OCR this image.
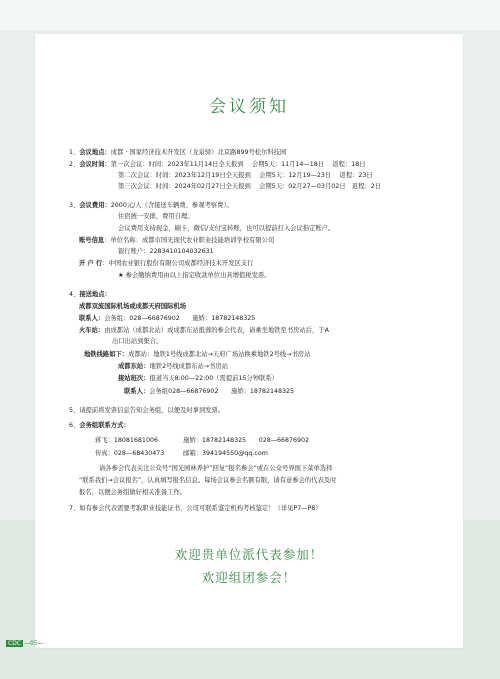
会议须知
1、会议地点：成都 · 国家经济技术开发区（龙泉驿）北京路899号松尔科技园
2、会议时间：第一次会议：时间：2023年11月14日全天报到　 会期5天：11月14—18日　 返程：18日
第二次会议：时间：2023年12月19日全天报到　 会期5天：12月19—23日　 返程：23日
第三次会议：时间：2024年02月27日全天报到　 会期5天：02月27—03月02日　返程：2日
3、会议费用：2000元/人（含接送车辆费、参观考察费）。
住宿统一安排，费用自理。
会议费用支持现金，刷卡，微信/支付宝转账，也可以提前打入会议指定账户。
账号信息：单位名称：成都市国光现代农业职业技能培训学校有限公司
银行账户：2283410104032631
开 户 行：中国农业银行股份有限公司成都经济技术开发区支行
★ 参会缴纳费用由以上指定收款单位出具增值税发票。
4、接送地点：
成都双流国际机场或成都天府国际机场
联系人：会务组：028—66876902　　施娇：18782148325
火车站：由成都站（成都北站）或成都东站抵蓉的参会代表，请乘坐地铁至书房站后，于A
出口出站到集合。
地铁线路如下： 成都站：地铁1号线成都北站→天府广场站换乘地铁2号线→书房站
成都东站：地铁2号线成都东站→书房站
接站班次：报道当天8:00—22:00（需提前15分钟联系）
联系人：会务组028—66876902　　施娇：18782148325
5、请提前将发票信息告知会务组，以便及时拿到发票。
6、会务组联系方式：
蒋飞：18081681006　　　　施娇：18782148325　　028—66876902
传真：028—68430473　　　邮箱：394194550@qq.com
请各参会代表关注公众号“国光园林养护”回复“报名参会”或在公众号界面下菜单选择
“联系我们→会议报名”，认真填写报名信息。每场会议参会名额有限，请有意参会的代表及时
报名，以便会务组做好相关准备工作。
7、如有参会代表需要考取职业技能证书，公司可联系鉴定机构考核鉴定！（详见P7—P8）
欢迎贵单位派代表参加！
欢迎组团参会！
CDC —05—
